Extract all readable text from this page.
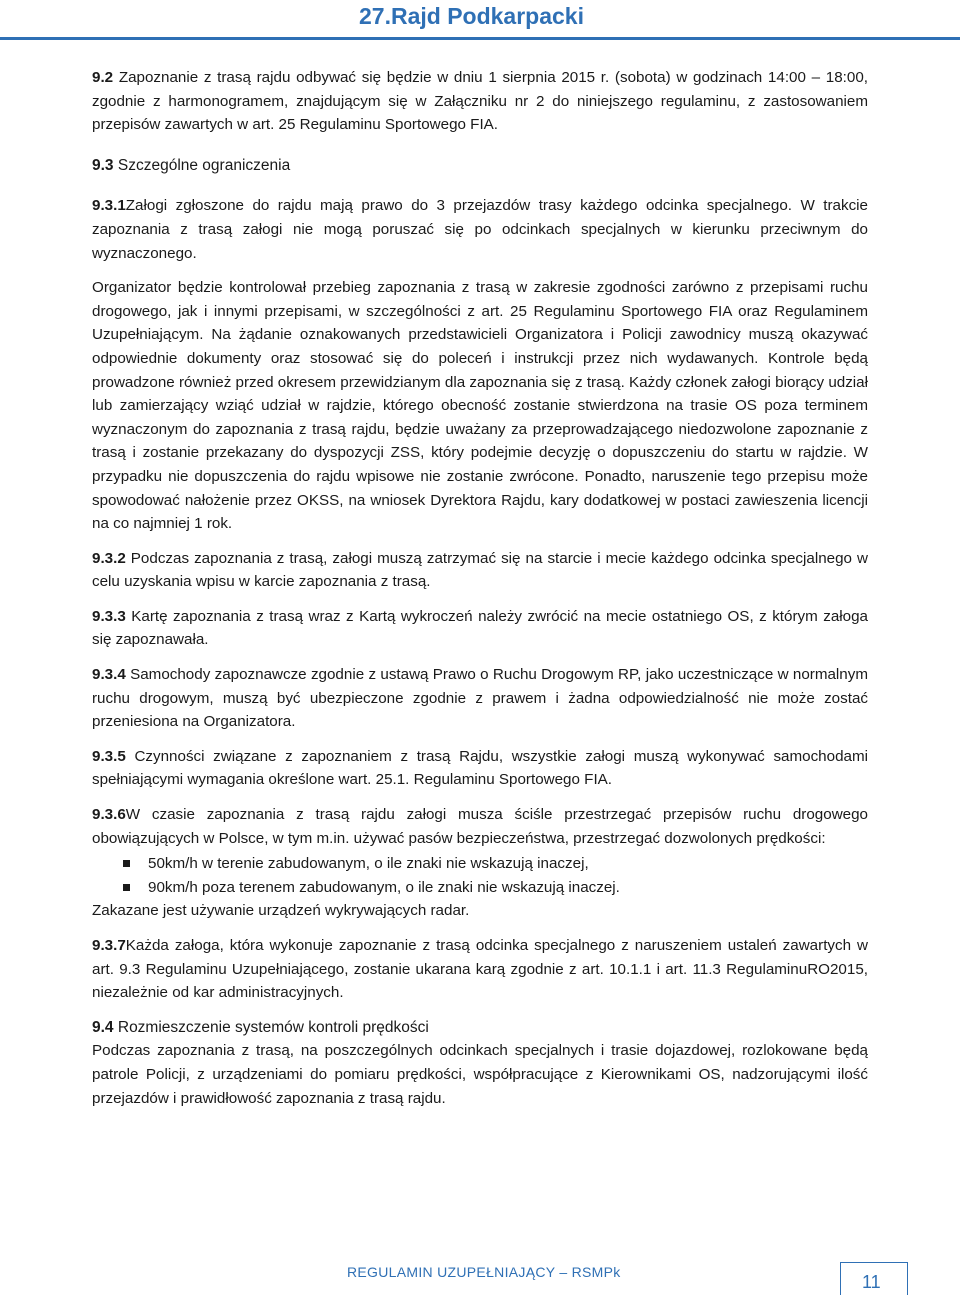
27.Rajd Podkarpacki

9.2 Zapoznanie z trasą rajdu odbywać się będzie w dniu 1 sierpnia 2015 r. (sobota) w godzinach 14:00 – 18:00, zgodnie z harmonogramem, znajdującym się w Załączniku nr 2 do niniejszego regulaminu, z zastosowaniem przepisów zawartych w art. 25 Regulaminu Sportowego FIA.

9.3 Szczególne ograniczenia

9.3.1Załogi zgłoszone do rajdu mają prawo do 3 przejazdów trasy każdego odcinka specjalnego. W trakcie zapoznania z trasą załogi nie mogą poruszać się po odcinkach specjalnych w kierunku przeciwnym do wyznaczonego.

Organizator będzie kontrolował przebieg zapoznania z trasą w zakresie zgodności zarówno z przepisami ruchu drogowego, jak i innymi przepisami, w szczególności z art. 25 Regulaminu Sportowego FIA oraz Regulaminem Uzupełniającym. Na żądanie oznakowanych przedstawicieli Organizatora i Policji zawodnicy muszą okazywać odpowiednie dokumenty oraz stosować się do poleceń i instrukcji przez nich wydawanych. Kontrole będą prowadzone również przed okresem przewidzianym dla zapoznania się z trasą. Każdy członek załogi biorący udział lub zamierzający wziąć udział w rajdzie, którego obecność zostanie stwierdzona na trasie OS poza terminem wyznaczonym do zapoznania z trasą rajdu, będzie uważany za przeprowadzającego niedozwolone zapoznanie z trasą i zostanie przekazany do dyspozycji ZSS, który podejmie decyzję o dopuszczeniu do startu w rajdzie. W przypadku nie dopuszczenia do rajdu wpisowe nie zostanie zwrócone. Ponadto, naruszenie tego przepisu może spowodować nałożenie przez OKSS, na wniosek Dyrektora Rajdu, kary dodatkowej w postaci zawieszenia licencji na co najmniej 1 rok.

9.3.2 Podczas zapoznania z trasą, załogi muszą zatrzymać się na starcie i mecie każdego odcinka specjalnego w celu uzyskania wpisu w karcie zapoznania z trasą.

9.3.3 Kartę zapoznania z trasą wraz z Kartą wykroczeń należy zwrócić na mecie ostatniego OS, z którym załoga się zapoznawała.

9.3.4 Samochody zapoznawcze zgodnie z ustawą Prawo o Ruchu Drogowym RP, jako uczestniczące w normalnym ruchu drogowym, muszą być ubezpieczone zgodnie z prawem i żadna odpowiedzialność nie może zostać przeniesiona na Organizatora.

9.3.5 Czynności związane z zapoznaniem z trasą Rajdu, wszystkie załogi muszą wykonywać samochodami spełniającymi wymagania określone wart. 25.1. Regulaminu Sportowego FIA.

9.3.6W czasie zapoznania z trasą rajdu załogi musza ściśle przestrzegać przepisów ruchu drogowego obowiązujących w Polsce, w tym m.in. używać pasów bezpieczeństwa, przestrzegać dozwolonych prędkości:

50km/h w terenie zabudowanym, o ile znaki nie wskazują inaczej,
90km/h poza terenem zabudowanym, o ile znaki nie wskazują inaczej.

Zakazane jest używanie urządzeń wykrywających radar.

9.3.7Każda załoga, która wykonuje zapoznanie z trasą odcinka specjalnego z naruszeniem ustaleń zawartych w art. 9.3 Regulaminu Uzupełniającego, zostanie ukarana karą zgodnie z art. 10.1.1 i art. 11.3 RegulaminuRO2015, niezależnie od kar administracyjnych.

9.4 Rozmieszczenie systemów kontroli prędkości

Podczas zapoznania z trasą, na poszczególnych odcinkach specjalnych i trasie dojazdowej, rozlokowane będą patrole Policji, z urządzeniami do pomiaru prędkości, współpracujące z Kierownikami OS, nadzorującymi ilość przejazdów i prawidłowość zapoznania z trasą rajdu.

REGULAMIN UZUPEŁNIAJĄCY – RSMPk	11
